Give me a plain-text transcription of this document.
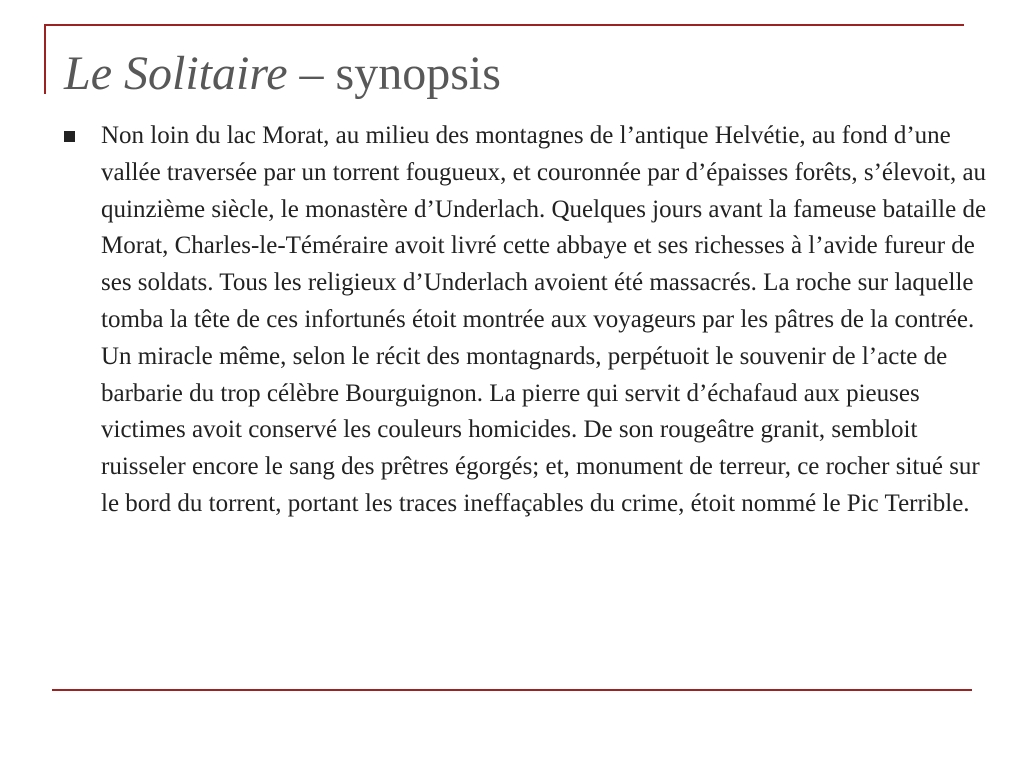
Le Solitaire – synopsis

Non loin du lac Morat, au milieu des montagnes de l’antique Helvétie, au fond d’une vallée traversée par un torrent fougueux, et couronnée par d’épaisses forêts, s’élevoit, au quinzième siècle, le monastère d’Underlach. Quelques jours avant la fameuse bataille de Morat, Charles-le-Téméraire avoit livré cette abbaye et ses richesses à l’avide fureur de ses soldats. Tous les religieux d’Underlach avoient été massacrés. La roche sur laquelle tomba la tête de ces infortunés étoit montrée aux voyageurs par les pâtres de la contrée. Un miracle même, selon le récit des montagnards, perpétuoit le souvenir de l’acte de barbarie du trop célèbre Bourguignon. La pierre qui servit d’échafaud aux pieuses victimes avoit conservé les couleurs homicides. De son rougeâtre granit, sembloit ruisseler encore le sang des prêtres égorgés; et, monument de terreur, ce rocher situé sur le bord du torrent, portant les traces ineffaçables du crime, étoit nommé le Pic Terrible.
